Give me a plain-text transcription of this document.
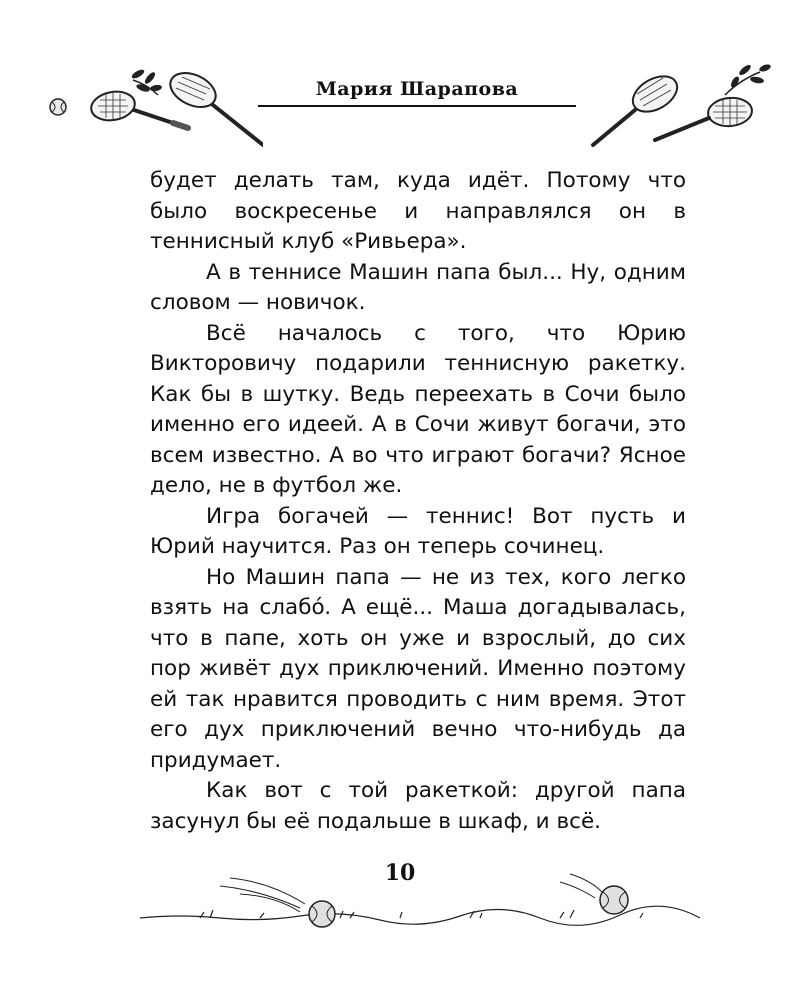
Мария Шарапова

будет делать там, куда идёт. Потому что было воскресенье и направлялся он в теннисный клуб «Ривьера».

А в теннисе Машин папа был... Ну, одним словом — новичок.

Всё началось с того, что Юрию Викторовичу подарили теннисную ракетку. Как бы в шутку. Ведь переехать в Сочи было именно его идеей. А в Сочи живут богачи, это всем известно. А во что играют богачи? Ясное дело, не в футбол же.

Игра богачей — теннис! Вот пусть и Юрий научится. Раз он теперь сочинец.

Но Машин папа — не из тех, кого легко взять на слабó. А ещё... Маша догадывалась, что в папе, хоть он уже и взрослый, до сих пор живёт дух приключений. Именно поэтому ей так нравится проводить с ним время. Этот его дух приключений вечно что-нибудь да придумает.

Как вот с той ракеткой: другой папа засунул бы её подальше в шкаф, и всё.

10
